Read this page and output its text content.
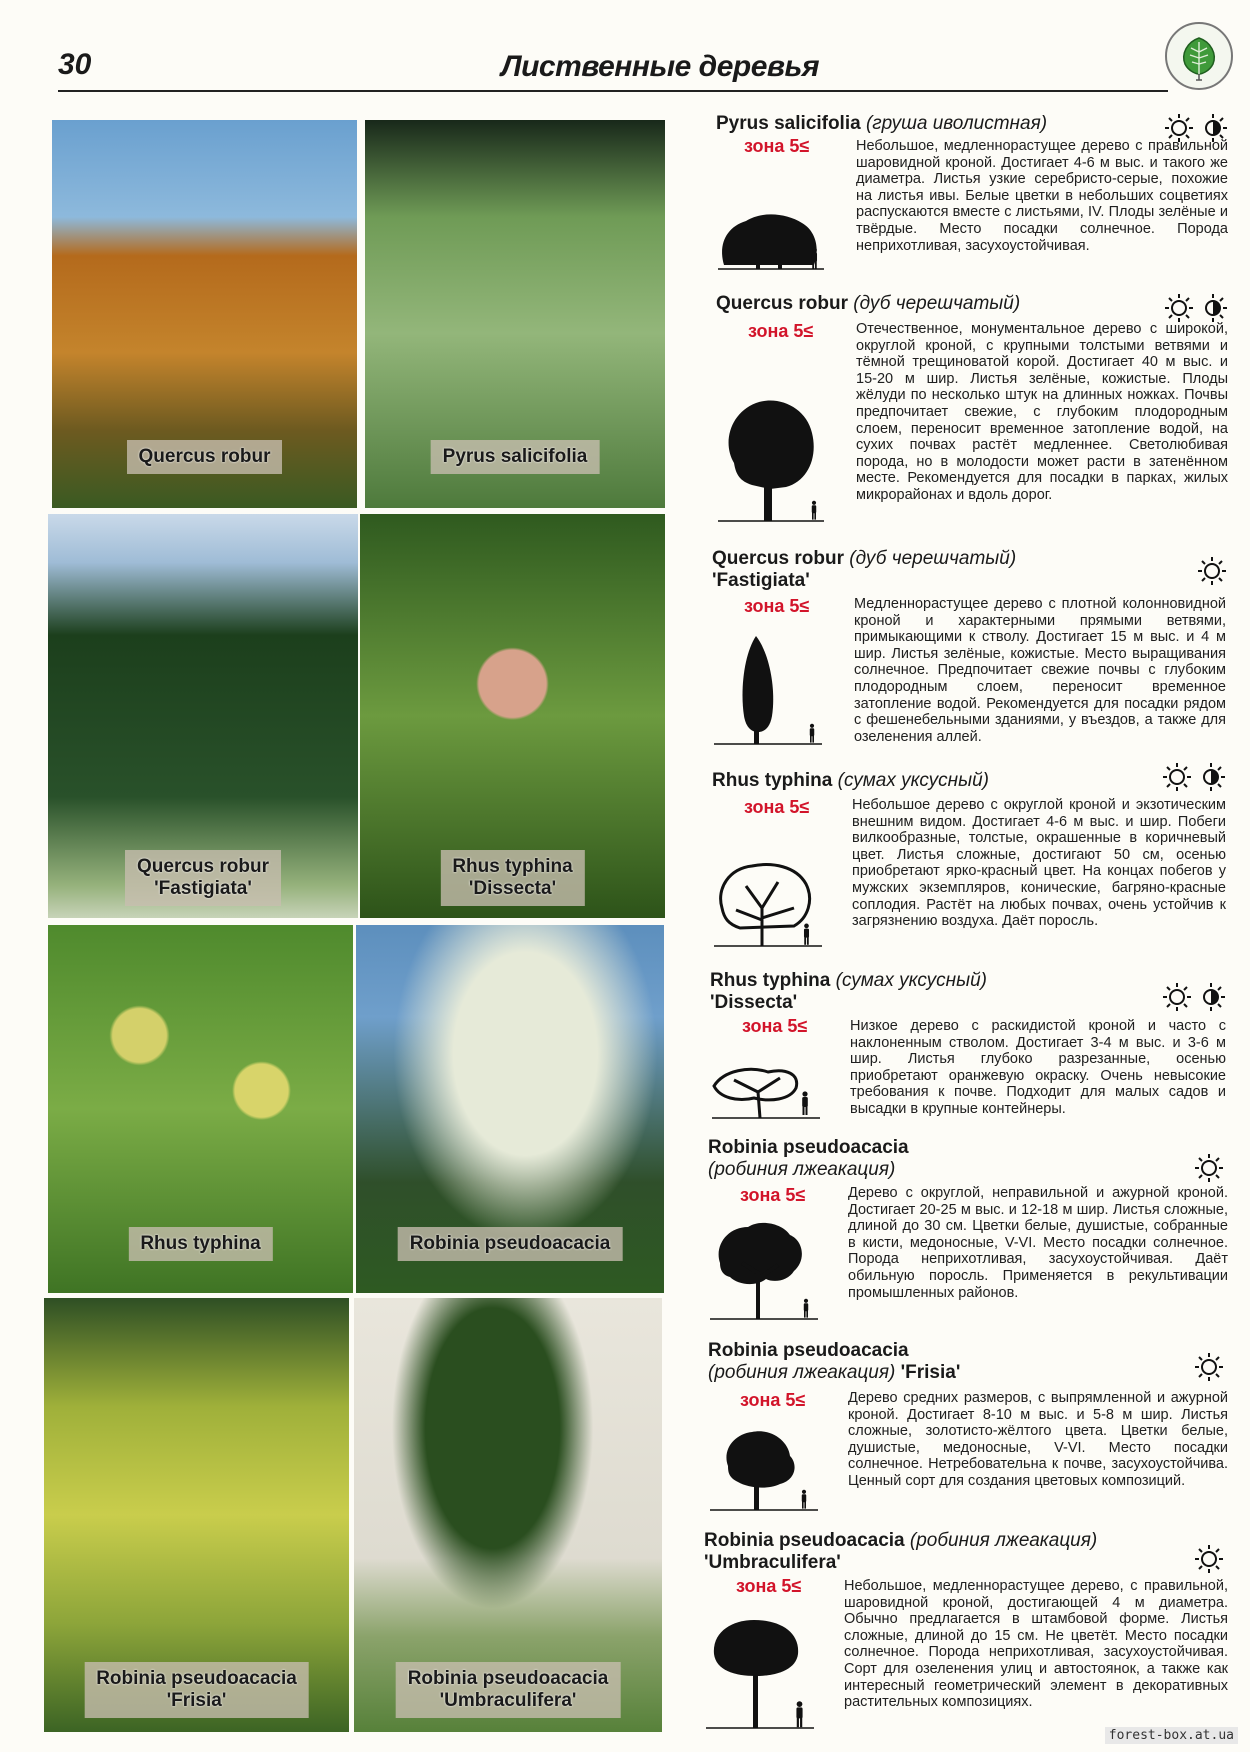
30	Лиственные деревья
Quercus robur	Pyrus salicifolia
Quercus robur
'Fastigiata'
Rhus typhina
'Dissecta'
Rhus typhina	Robinia pseudoacacia
Robinia pseudoacacia
'Frisia'
Robinia pseudoacacia
'Umbraculifera'
Pyrus salicifolia (груша иволистная)
зона 5≤	Небольшое, медленнорастущее дерево с правильной шаровидной кроной. Достигает 4-6 м выс. и такого же диаметра. Листья узкие серебристо-серые, похожие на листья ивы. Белые цветки в небольших соцветиях распускаются вместе с листьями, IV. Плоды зелёные и твёрдые. Место посадки солнечное. Порода неприхотливая, засухоустойчивая.
Quercus robur (дуб черешчатый)
зона 5≤	Отечественное, монументальное дерево с широкой, округлой кроной, с крупными толстыми ветвями и тёмной трещиноватой корой. Достигает 40 м выс. и 15-20 м шир. Листья зелёные, кожистые. Плоды жёлуди по несколько штук на длинных ножках. Почвы предпочитает свежие, с глубоким плодородным слоем, переносит временное затопление водой, на сухих почвах растёт медленнее. Светолюбивая порода, но в молодости может расти в затенённом месте. Рекомендуется для посадки в парках, жилых микрорайонах и вдоль дорог.
Quercus robur (дуб черешчатый)
'Fastigiata'
зона 5≤	Медленнорастущее дерево с плотной колонновидной кроной и характерными прямыми ветвями, примыкающими к стволу. Достигает 15 м выс. и 4 м шир. Листья зелёные, кожистые. Место выращивания солнечное. Предпочитает свежие почвы с глубоким плодородным слоем, переносит временное затопление водой. Рекомендуется для посадки рядом с фешенебельными зданиями, у въездов, а также для озеленения аллей.
Rhus typhina (сумах уксусный)
зона 5≤	Небольшое дерево с округлой кроной и экзотическим внешним видом. Достигает 4-6 м выс. и шир. Побеги вилкообразные, толстые, окрашенные в коричневый цвет. Листья сложные, достигают 50 см, осенью приобретают ярко-красный цвет. На концах побегов у мужских экземпляров, конические, багряно-красные соплодия. Растёт на любых почвах, очень устойчив к загрязнению воздуха. Даёт поросль.
Rhus typhina (сумах уксусный)
'Dissecta'
зона 5≤	Низкое дерево с раскидистой кроной и часто с наклоненным стволом. Достигает 3-4 м выс. и 3-6 м шир. Листья глубоко разрезанные, осенью приобретают оранжевую окраску. Очень невысокие требования к почве. Подходит для малых садов и высадки в крупные контейнеры.
Robinia pseudoacacia
(робиния лжеакация)
зона 5≤	Дерево с округлой, неправильной и ажурной кроной. Достигает 20-25 м выс. и 12-18 м шир. Листья сложные, длиной до 30 см. Цветки белые, душистые, собранные в кисти, медоносные, V-VI. Место посадки солнечное. Порода неприхотливая, засухоустойчивая. Даёт обильную поросль. Применяется в рекультивации промышленных районов.
Robinia pseudoacacia
(робиния лжеакация) 'Frisia'
зона 5≤	Дерево средних размеров, с выпрямленной и ажурной кроной. Достигает 8-10 м выс. и 5-8 м шир. Листья сложные, золотисто-жёлтого цвета. Цветки белые, душистые, медоносные, V-VI. Место посадки солнечное. Нетребовательна к почве, засухоустойчива. Ценный сорт для создания цветовых композиций.
Robinia pseudoacacia (робиния лжеакация)
'Umbraculifera'
зона 5≤	Небольшое, медленнорастущее дерево, с правильной, шаровидной кроной, достигающей 4 м диаметра. Обычно предлагается в штамбовой форме. Листья сложные, длиной до 15 см. Не цветёт. Место посадки солнечное. Порода неприхотливая, засухоустойчивая. Сорт для озеленения улиц и автостоянок, а также как интересный геометрический элемент в декоративных растительных композициях.
forest-box.at.ua
